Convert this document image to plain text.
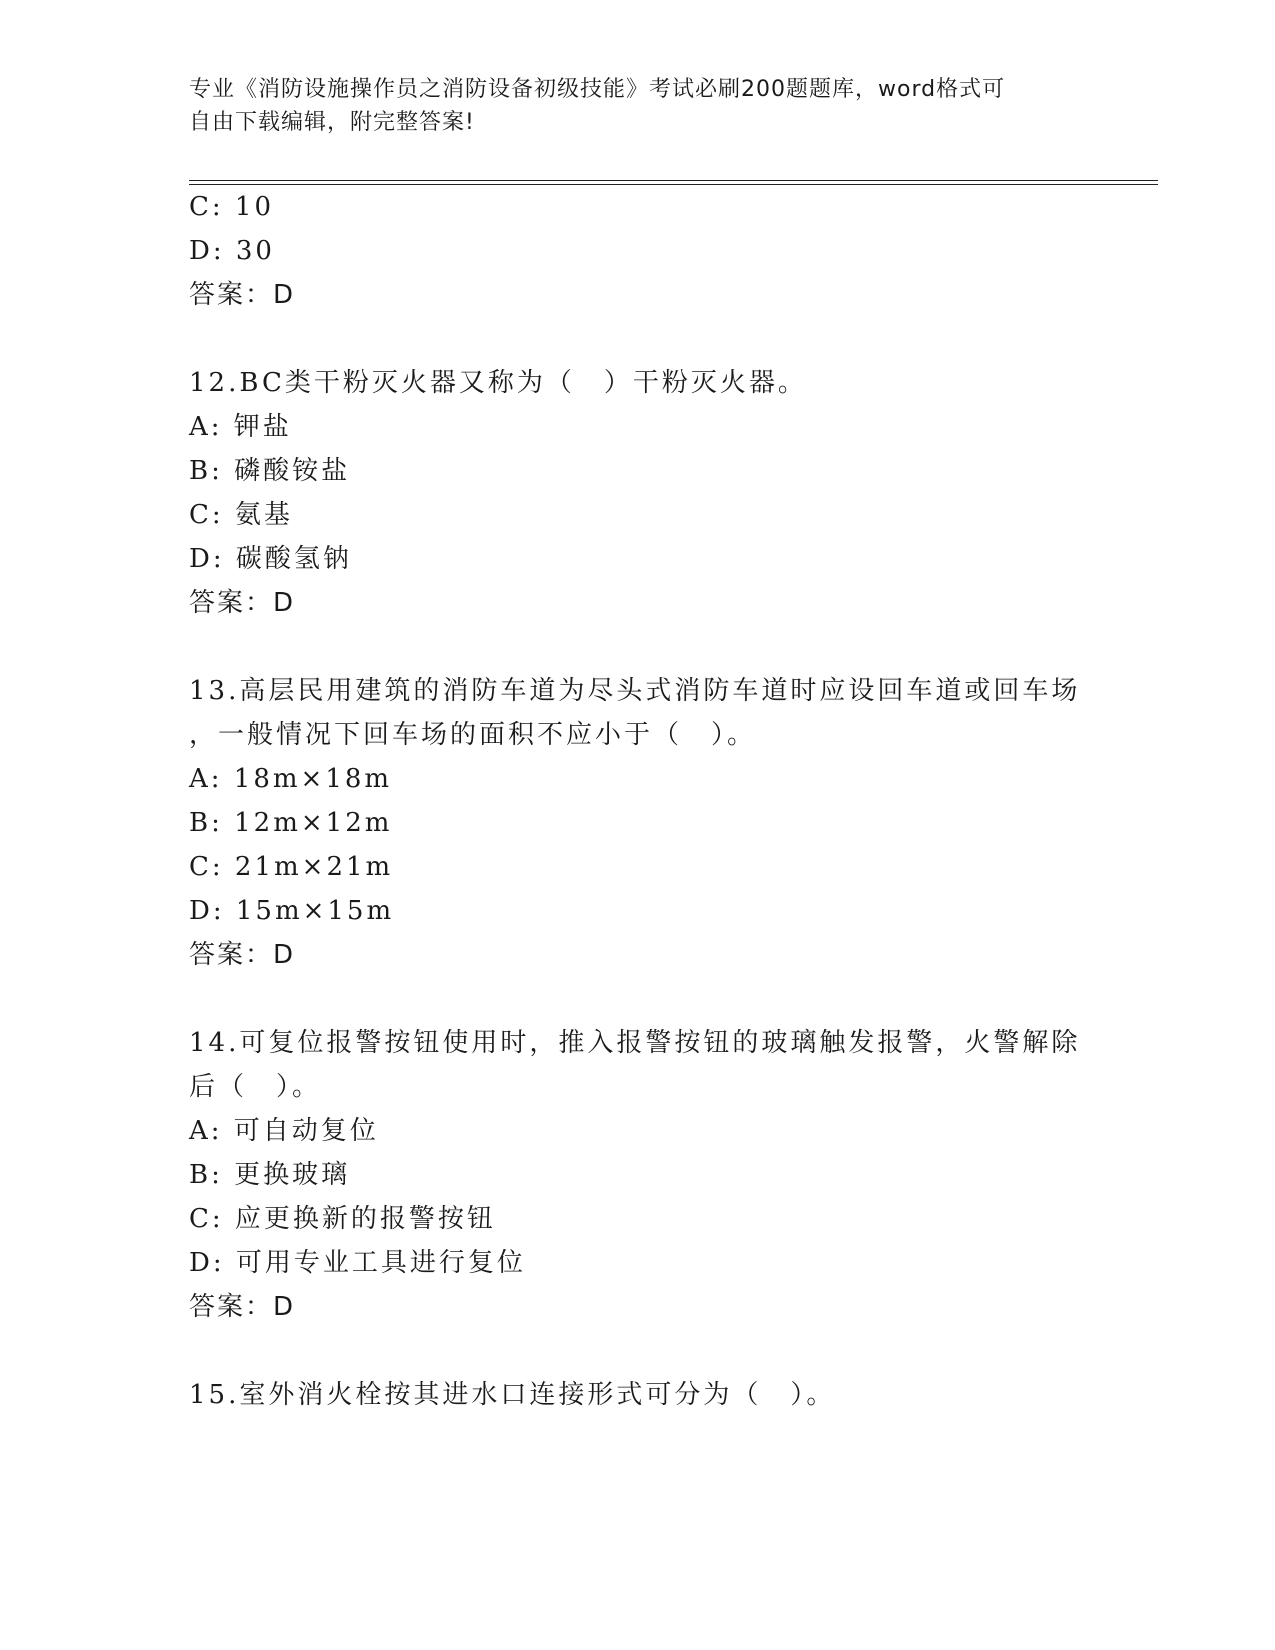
专业《消防设施操作员之消防设备初级技能》考试必刷200题题库，word格式可
自由下载编辑，附完整答案!
C: 10
D: 30
答案：D
12.BC类干粉灭火器又称为（　）干粉灭火器。
A: 钾盐
B: 磷酸铵盐
C: 氨基
D: 碳酸氢钠
答案：D
13.高层民用建筑的消防车道为尽头式消防车道时应设回车道或回车场
，一般情况下回车场的面积不应小于（　）。
A: 18m×18m
B: 12m×12m
C: 21m×21m
D: 15m×15m
答案：D
14.可复位报警按钮使用时，推入报警按钮的玻璃触发报警，火警解除
后（　）。
A: 可自动复位
B: 更换玻璃
C: 应更换新的报警按钮
D: 可用专业工具进行复位
答案：D
15.室外消火栓按其进水口连接形式可分为（　）。
